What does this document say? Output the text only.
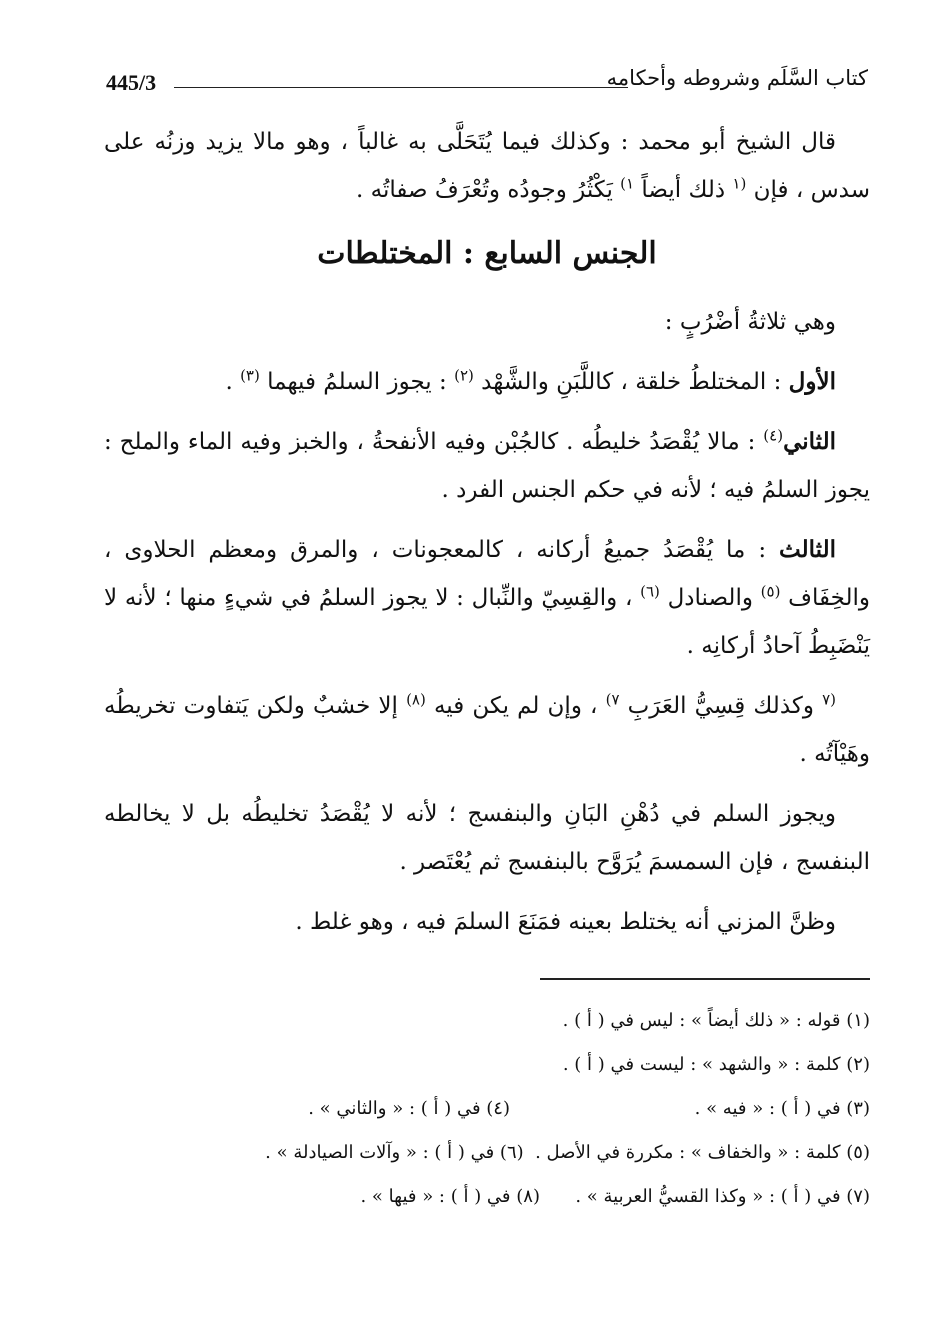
445/3	كتاب السَّلَم وشروطه وأحكامه

قال الشيخ أبو محمد : وكذلك فيما يُتَحَلَّى به غالباً ، وهو مالا يزيد وزنُه على سدس ، فإن $^{(١}$ ذلك أيضاً $^{١)}$ يَكْثُرُ وجودُه وتُعْرَفُ صفاتُه .

الجنس السابع : المختلطات

وهي ثلاثةُ أضْرُبٍ :

الأول : المختلطُ خلقة ، كاللَّبَنِ والشَّهْد $^{(٢)}$ : يجوز السلمُ فيهما $^{(٣)}$ .

الثاني$^{(٤)}$ : مالا يُقْصَدُ خليطُه . كالجُبْن وفيه الأنفحةُ ، والخبز وفيه الماء والملح : يجوز السلمُ فيه ؛ لأنه في حكم الجنس الفرد .

الثالث : ما يُقْصَدُ جميعُ أركانه ، كالمعجونات ، والمرق ومعظم الحلاوى ، والخِفَاف $^{(٥)}$ والصنادل $^{(٦)}$ ، والقِسِيّ والنِّبال : لا يجوز السلمُ في شيءٍ منها ؛ لأنه لا يَنْضَبِطُ آحادُ أركانِه .

$^{(٧}$ وكذلك قِسِيُّ العَرَبِ $^{٧)}$ ، وإن لم يكن فيه $^{(٨)}$ إلا خشبٌ ولكن يَتفاوت تخريطُه وهَيْآتُه .

ويجوز السلم في دُهْنِ البَانِ والبنفسج ؛ لأنه لا يُقْصَدُ تخليطُه بل لا يخالطه البنفسج ، فإن السمسمَ يُرَوَّح بالبنفسج ثم يُعْتَصر .

وظنَّ المزني أنه يختلط بعينه فمَنَعَ السلمَ فيه ، وهو غلط .

(١) قوله : « ذلك أيضاً » : ليس في ( أ ) .
(٢) كلمة : « والشهد » : ليست في ( أ ) .
(٣) في ( أ ) : « فيه » .(٤) في ( أ ) : « والثاني » .
(٥) كلمة : « والخفاف » : مكررة في الأصل .  (٦) في ( أ ) : « وآلات الصيادلة » .
(٧) في ( أ ) : « وكذا القسيُّ العربية » .(٨) في ( أ ) : « فيها » .
